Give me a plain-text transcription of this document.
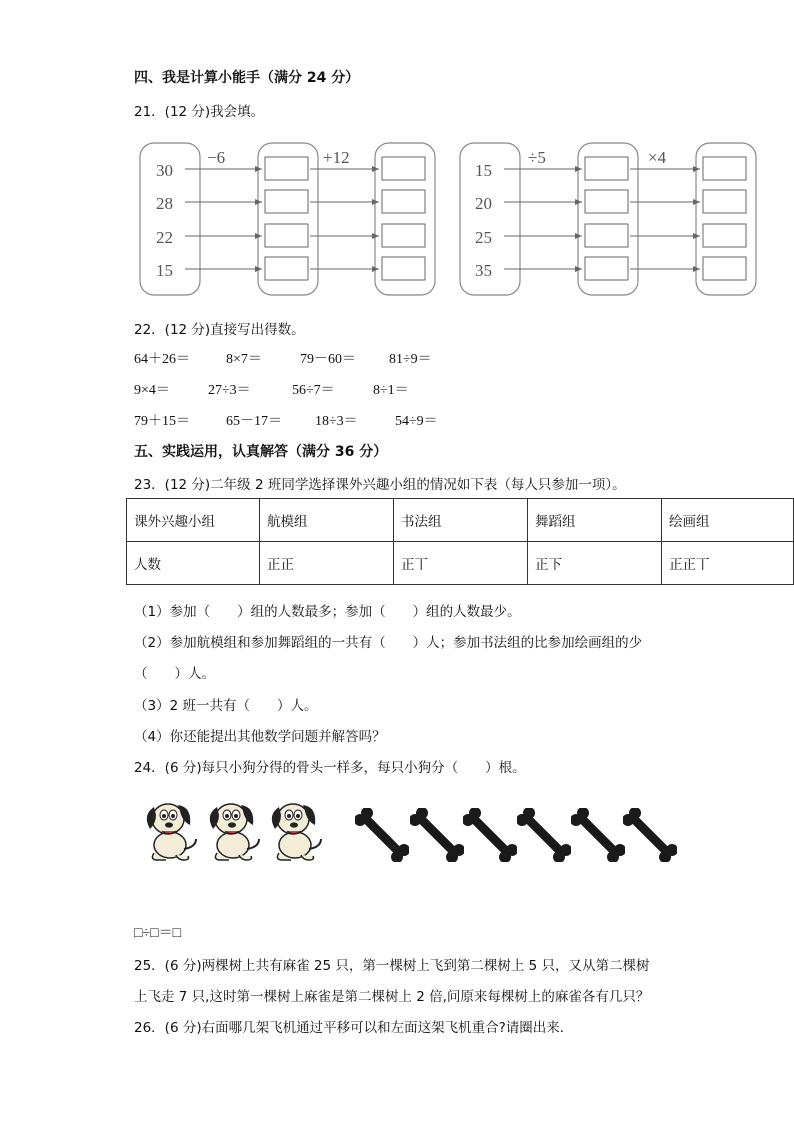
四、我是计算小能手（满分 24 分）
21．(12 分)我会填。
30
28
22
15
−6	+12
15
20
25
35
÷5	×4
22．(12 分)直接写出得数。
64＋26＝	8×7＝	79－60＝ 81÷9＝
9×4＝	27÷3＝	56÷7＝	8÷1＝
79＋15＝	65－17＝ 18÷3＝	54÷9＝
五、实践运用，认真解答（满分 36 分）
23．(12 分)二年级 2 班同学选择课外兴趣小组的情况如下表（每人只参加一项）。
课外兴趣小组	航模组	书法组	舞蹈组	绘画组
人数	正正	正丅	正下	正正丅
（1）参加（　　）组的人数最多；参加（　　）组的人数最少。
（2）参加航模组和参加舞蹈组的一共有（　　）人；参加书法组的比参加绘画组的少
（　　）人。
（3）2 班一共有（　　）人。
（4）你还能提出其他数学问题并解答吗？
24．(6 分)每只小狗分得的骨头一样多，每只小狗分（　　）根。
□÷□＝□
25．(6 分)两棵树上共有麻雀 25 只，第一棵树上飞到第二棵树上 5 只，又从第二棵树
上飞走 7 只,这时第一棵树上麻雀是第二棵树上 2 倍,问原来每棵树上的麻雀各有几只？
26．(6 分)右面哪几架飞机通过平移可以和左面这架飞机重合?请圈出来．
